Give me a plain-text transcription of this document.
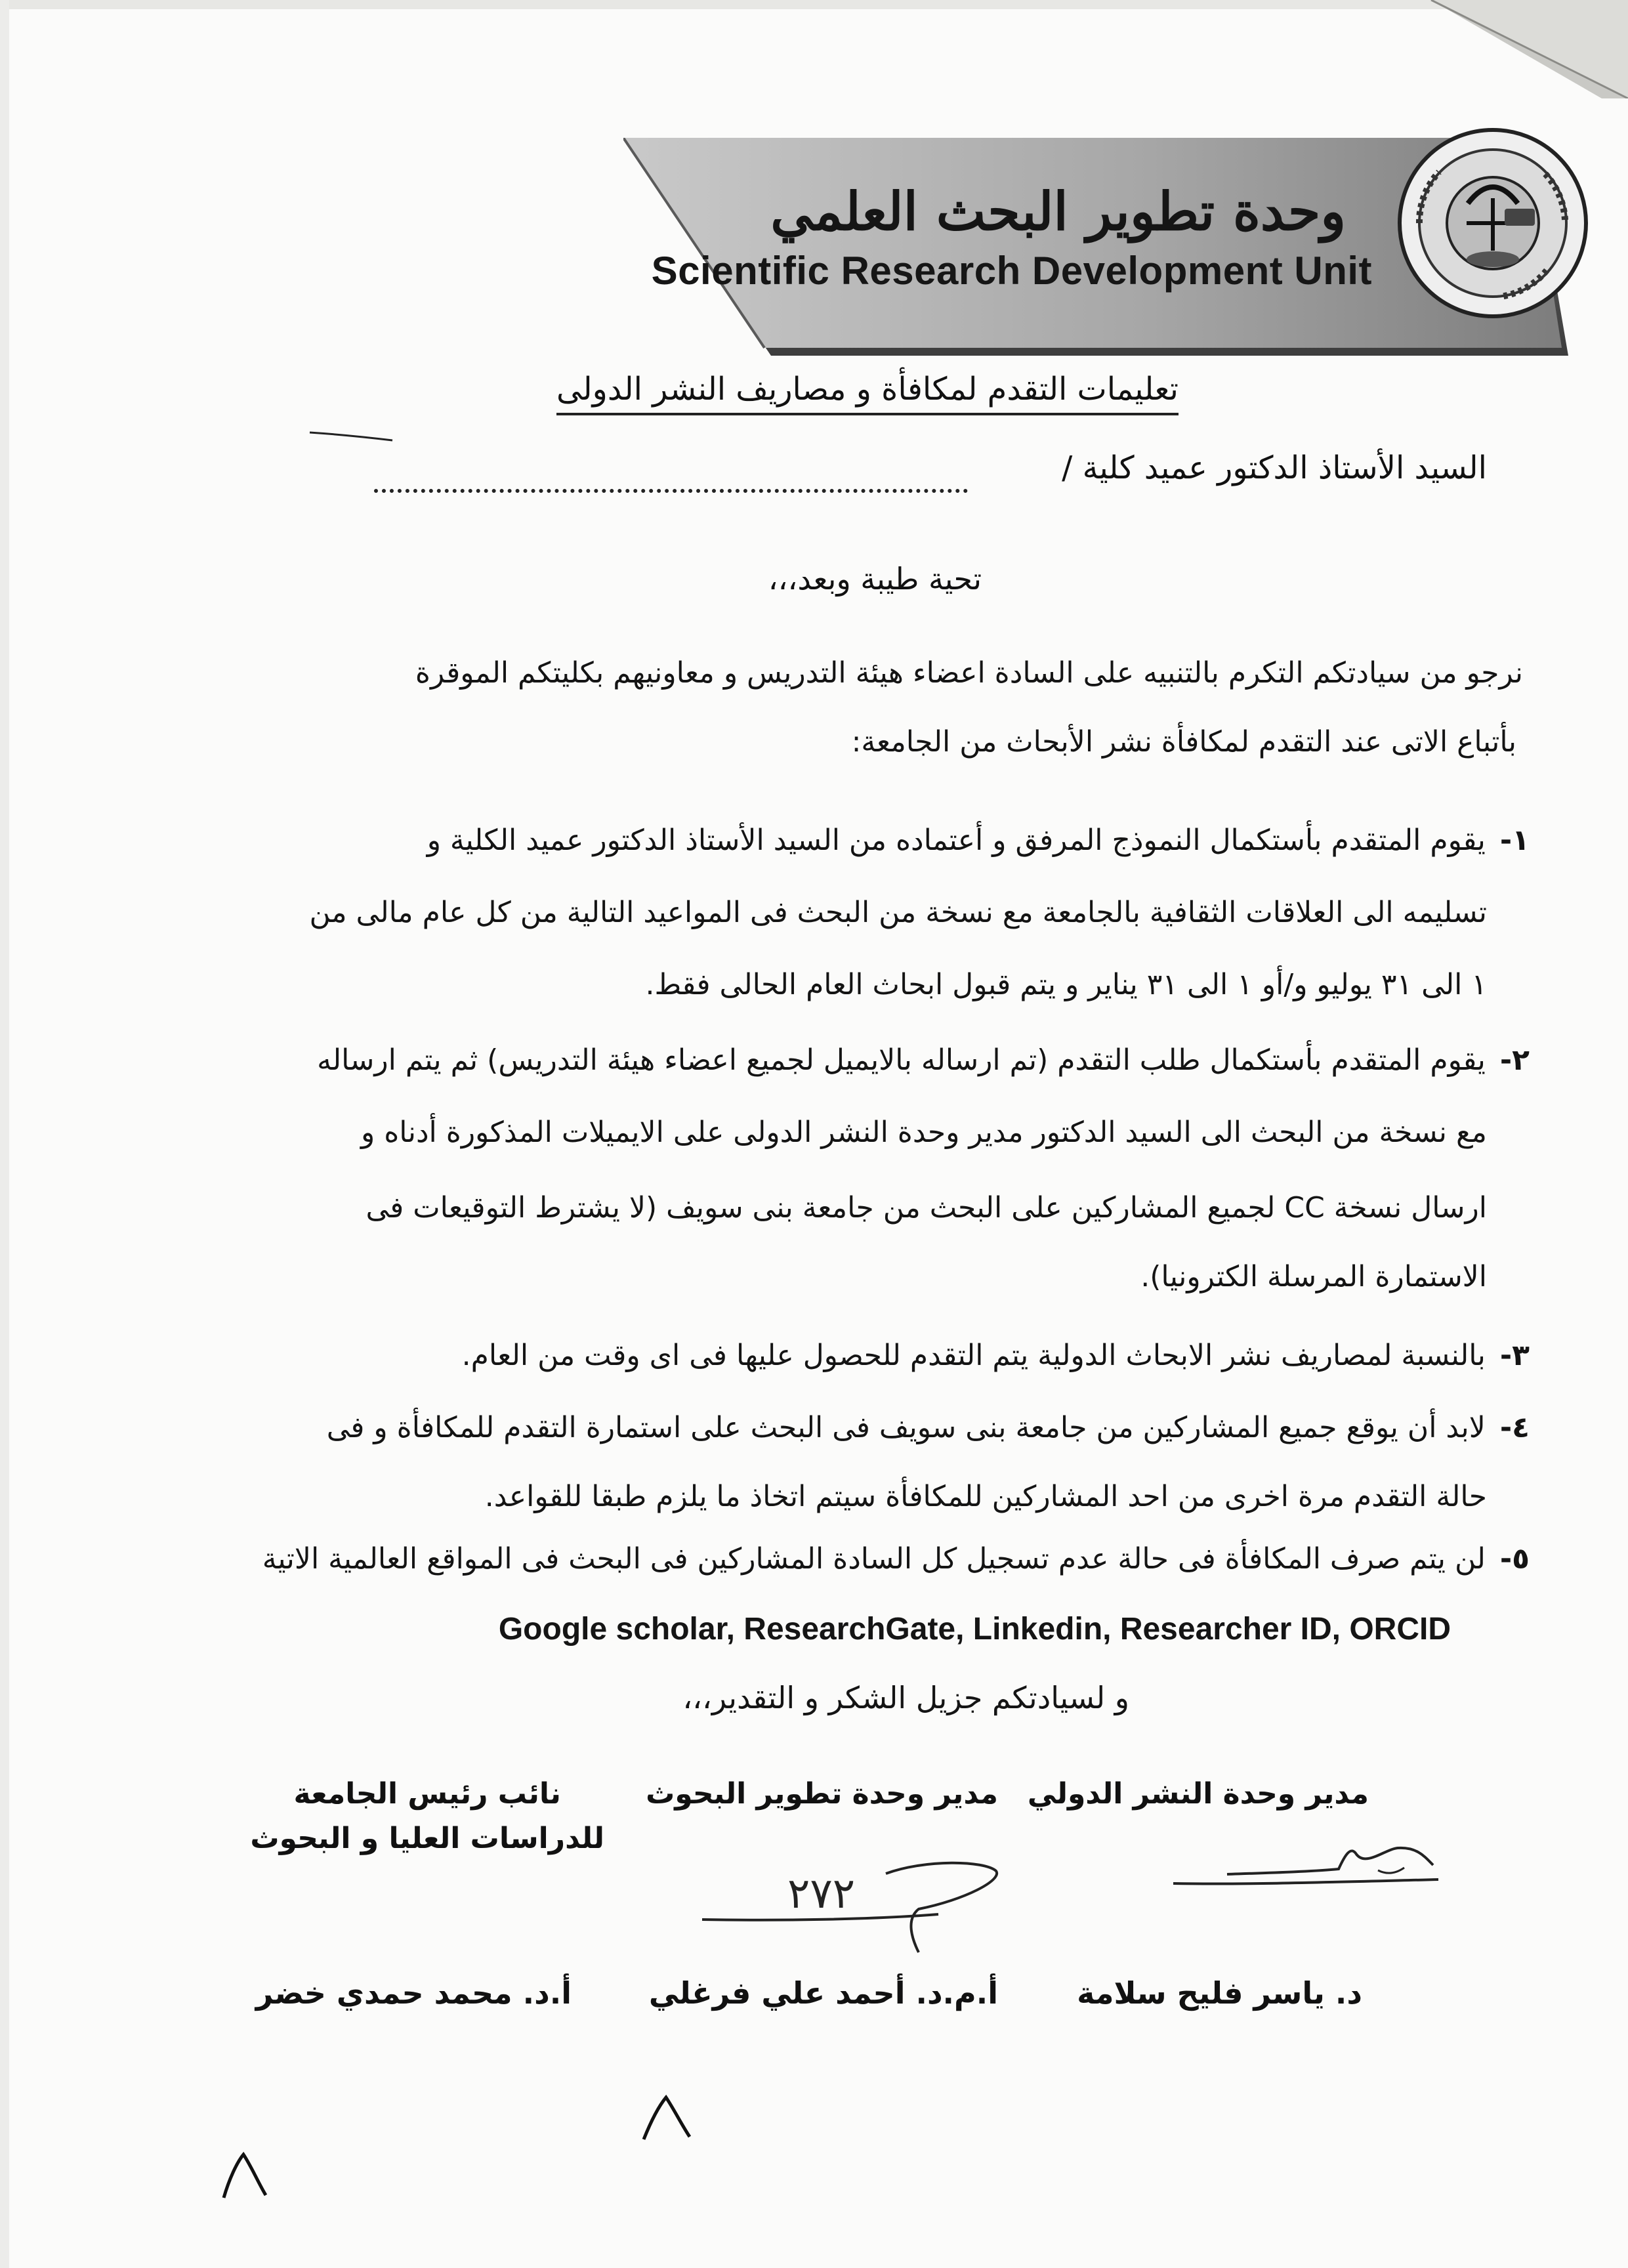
وحدة تطوير البحث العلمي
Scientific Research Development Unit
تعليمات التقدم لمكافأة و مصاريف النشر الدولى
السيد الأستاذ الدكتور عميد كلية /
تحية طيبة وبعد،،،
نرجو من سيادتكم التكرم بالتنبيه على السادة اعضاء هيئة التدريس و معاونيهم بكليتكم الموقرة
بأتباع الاتى عند التقدم لمكافأة نشر الأبحاث من الجامعة:
١-يقوم المتقدم بأستكمال النموذج المرفق و أعتماده من السيد الأستاذ الدكتور عميد الكلية و
تسليمه الى العلاقات الثقافية بالجامعة مع نسخة من البحث فى المواعيد التالية من كل عام مالى من
١ الى ٣١ يوليو و/أو ١ الى ٣١ يناير و يتم قبول ابحاث العام الحالى فقط.
٢-يقوم المتقدم بأستكمال طلب التقدم (تم ارساله بالايميل لجميع اعضاء هيئة التدريس) ثم يتم ارساله
مع نسخة من البحث الى السيد الدكتور مدير وحدة النشر الدولى على الايميلات المذكورة أدناه و
ارسال نسخة CC لجميع المشاركين على البحث من جامعة بنى سويف (لا يشترط التوقيعات فى
الاستمارة المرسلة الكترونيا).
٣-بالنسبة لمصاريف نشر الابحاث الدولية يتم التقدم للحصول عليها فى اى وقت من العام.
٤-لابد أن يوقع جميع المشاركين من جامعة بنى سويف فى البحث على استمارة التقدم للمكافأة و فى
حالة التقدم مرة اخرى من احد المشاركين للمكافأة سيتم اتخاذ ما يلزم طبقا للقواعد.
٥-لن يتم صرف المكافأة فى حالة عدم تسجيل كل السادة المشاركين فى البحث فى المواقع العالمية الاتية
Google scholar, ResearchGate, Linkedin, Researcher ID, ORCID
و لسيادتكم جزيل الشكر و التقدير،،،
مدير وحدة النشر الدولي
مدير وحدة تطوير البحوث
نائب رئيس الجامعة
للدراسات العليا و البحوث
٢٧٢
د. ياسر فليح سلامة
أ.م.د. أحمد علي فرغلي
أ.د. محمد حمدي خضر
